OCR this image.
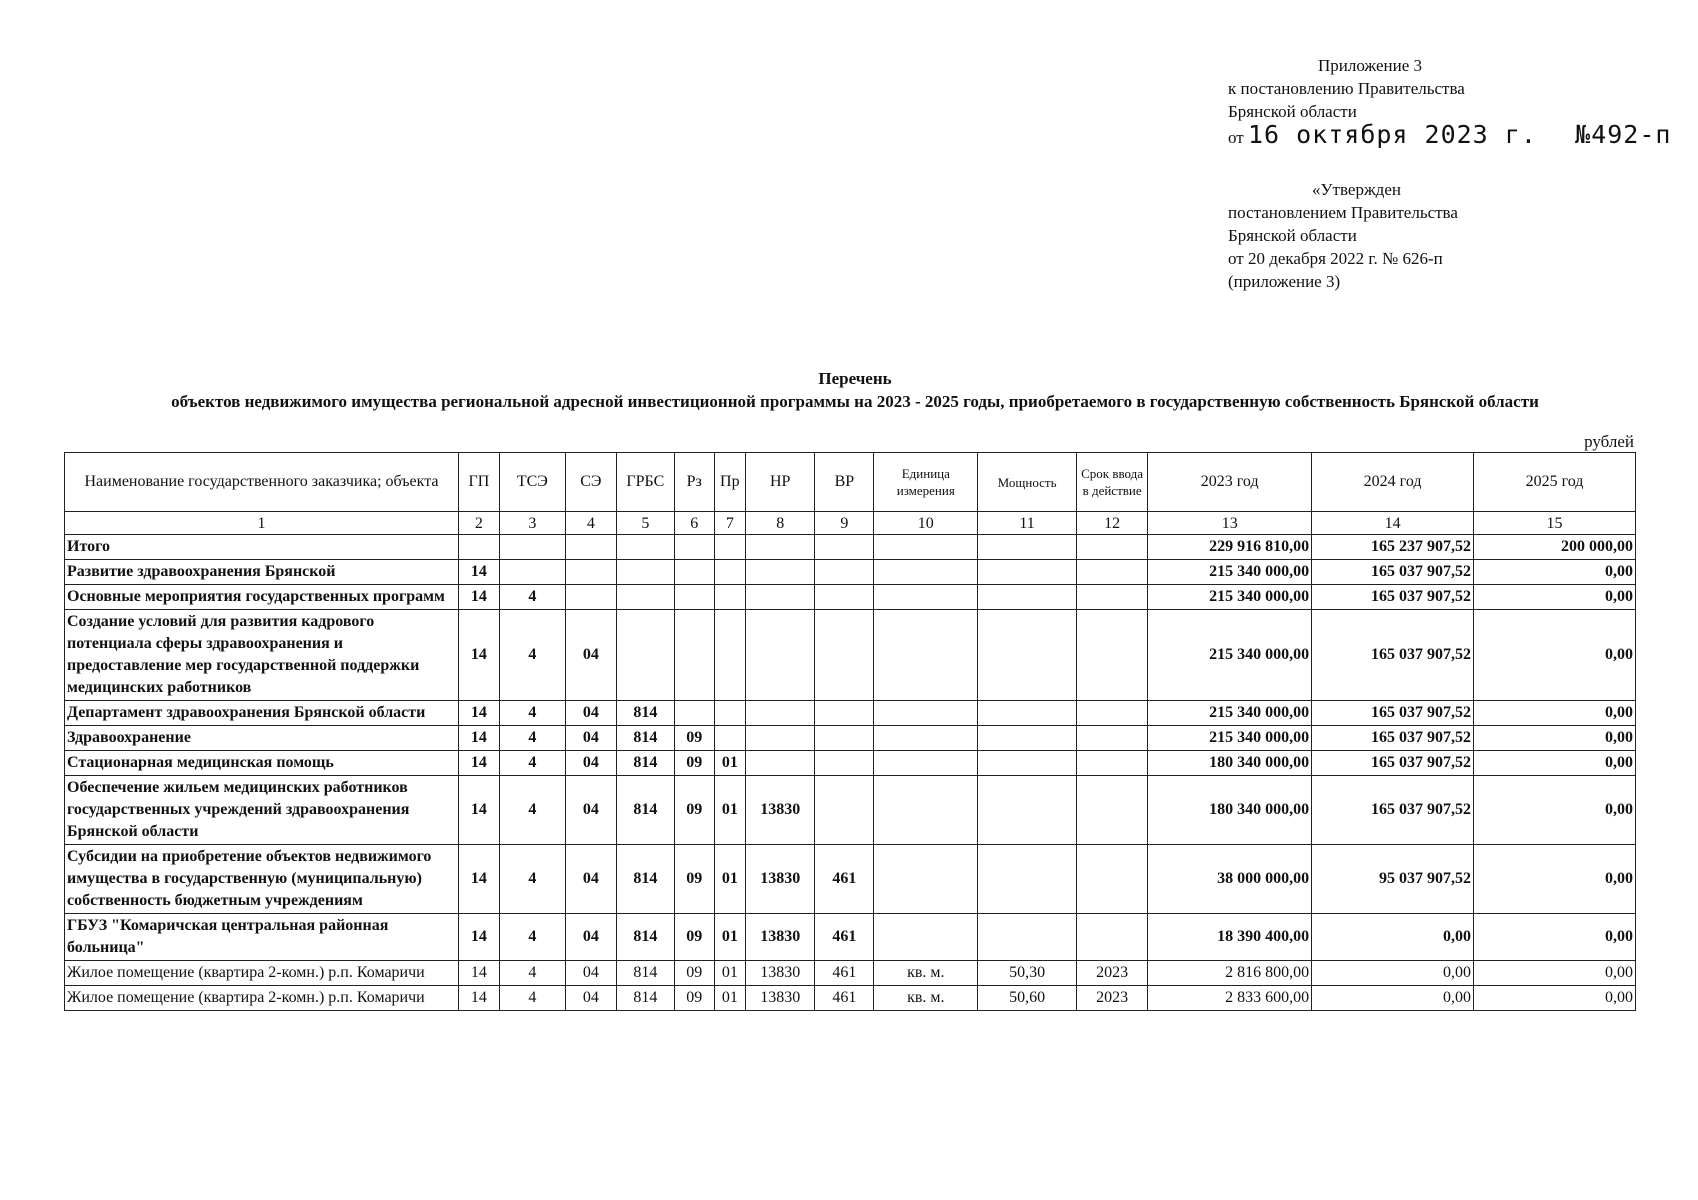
Приложение 3
к постановлению Правительства
Брянской области
от 16 октября 2023 г. №492-п
«Утвержден
постановлением Правительства
Брянской области
от 20 декабря 2022 г. № 626-п
(приложение 3)
Перечень
объектов недвижимого имущества региональной адресной инвестиционной программы на 2023 - 2025 годы, приобретаемого в государственную собственность Брянской области
рублей
Наименование государственного заказчика; объекта	ГП	ТСЭ	СЭ	ГРБС	Рз	Пр	НР	ВР	Единица измерения	Мощность	Срок ввода в действие	2023 год	2024 год	2025 год
1	2	3	4	5	6	7	8	9	10	11	12	13	14	15
Итого												229 916 810,00	165 237 907,52	200 000,00
Развитие здравоохранения Брянской	14											215 340 000,00	165 037 907,52	0,00
Основные мероприятия государственных программ	14	4										215 340 000,00	165 037 907,52	0,00
Создание условий для развития кадрового потенциала сферы здравоохранения и предоставление мер государственной поддержки медицинских работников	14	4	04									215 340 000,00	165 037 907,52	0,00
Департамент здравоохранения Брянской области	14	4	04	814								215 340 000,00	165 037 907,52	0,00
Здравоохранение	14	4	04	814	09							215 340 000,00	165 037 907,52	0,00
Стационарная медицинская помощь	14	4	04	814	09	01						180 340 000,00	165 037 907,52	0,00
Обеспечение жильем медицинских работников государственных учреждений здравоохранения Брянской области	14	4	04	814	09	01	13830					180 340 000,00	165 037 907,52	0,00
Субсидии на приобретение объектов недвижимого имущества в государственную (муниципальную) собственность бюджетным учреждениям	14	4	04	814	09	01	13830	461				38 000 000,00	95 037 907,52	0,00
ГБУЗ "Комаричская центральная районная больница"	14	4	04	814	09	01	13830	461				18 390 400,00	0,00	0,00
Жилое помещение (квартира 2-комн.) р.п. Комаричи	14	4	04	814	09	01	13830	461	кв. м.	50,30	2023	2 816 800,00	0,00	0,00
Жилое помещение (квартира 2-комн.) р.п. Комаричи	14	4	04	814	09	01	13830	461	кв. м.	50,60	2023	2 833 600,00	0,00	0,00
